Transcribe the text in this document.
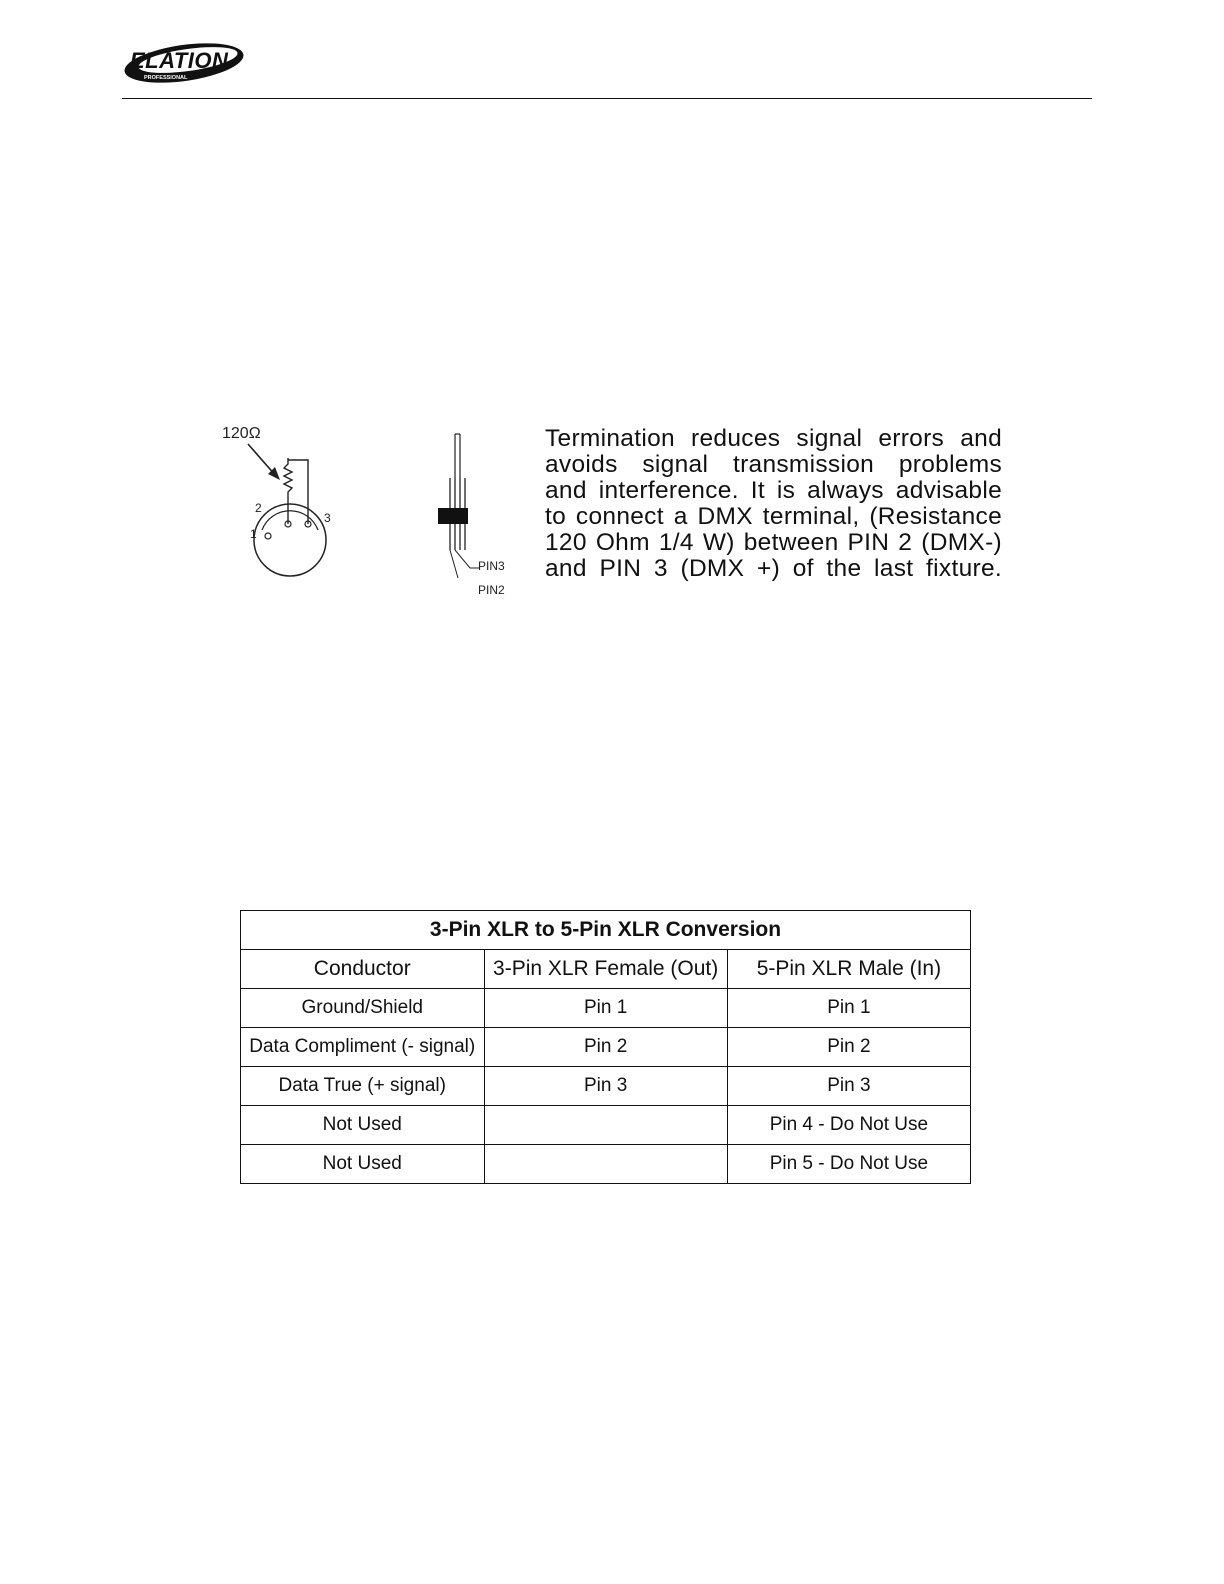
ELATION
PROFESSIONAL
120Ω
1
2
3
PIN3
PIN2
Termination reduces signal errors and
avoids signal transmission problems
and interference. It is always advisable
to connect a DMX terminal, (Resistance
120 Ohm 1/4 W) between PIN 2 (DMX-)
and PIN 3 (DMX +) of the last fixture.
3-Pin XLR to 5-Pin XLR Conversion		
Conductor	3-Pin XLR Female (Out)	5-Pin XLR Male (In)
Ground/Shield	Pin 1	Pin 1
Data Compliment (- signal)	Pin 2	Pin 2
Data True (+ signal)	Pin 3	Pin 3
Not Used		Pin 4 - Do Not Use
Not Used		Pin 5 - Do Not Use
